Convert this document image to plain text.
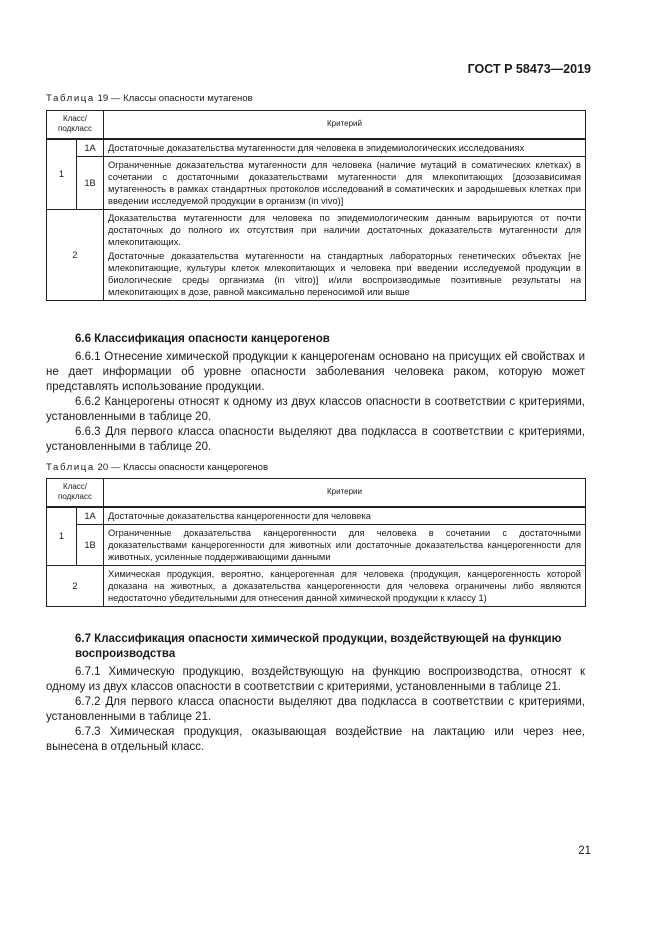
ГОСТ Р 58473—2019
Таблица 19 — Классы опасности мутагенов
Класс/ подкласс		Критерий
1	1А	Достаточные доказательства мутагенности для человека в эпидемиологических исследованиях
	1В	Ограниченные доказательства мутагенности для человека (наличие мутаций в соматических клетках) в сочетании с достаточными доказательствами мутагенности для млекопитающих [дозозависимая мутагенность в рамках стандартных протоколов исследований в соматических и зародышевых клетках при введении исследуемой продукции в организм (in vivo)]
2		Доказательства мутагенности для человека по эпидемиологическим данным варьируются от почти достаточных до полного их отсутствия при наличии достаточных доказательств мутагенности для млекопитающих.
Достаточные доказательства мутагенности на стандартных лабораторных генетических объектах [не млекопитающие, культуры клеток млекопитающих и человека при введении исследуемой продукции в биологические среды организма (in vitro)] и/или воспроизводимые позитивные результаты на млекопитающих в дозе, равной максимально переносимой или выше
6.6 Классификация опасности канцерогенов

6.6.1 Отнесение химической продукции к канцерогенам основано на присущих ей свойствах и не дает информации об уровне опасности заболевания человека раком, которую может представлять использование продукции.

6.6.2 Канцерогены относят к одному из двух классов опасности в соответствии с критериями, установленными в таблице 20.

6.6.3 Для первого класса опасности выделяют два подкласса в соответствии с критериями, установленными в таблице 20.

Таблица 20 — Классы опасности канцерогенов
Класс/ подкласс		Критерии
1	1А	Достаточные доказательства канцерогенности для человека
	1В	Ограниченные доказательства канцерогенности для человека в сочетании с достаточными доказательствами канцерогенности для животных или достаточные доказательства канцерогенности для животных, усиленные поддерживающими данными
2		Химическая продукция, вероятно, канцерогенная для человека (продукция, канцерогенность которой доказана на животных, а доказательства канцерогенности для человека ограничены либо являются недостаточно убедительными для отнесения данной химической продукции к классу 1)
6.7 Классификация опасности химической продукции, воздействующей на функцию воспроизводства

6.7.1 Химическую продукцию, воздействующую на функцию воспроизводства, относят к одному из двух классов опасности в соответствии с критериями, установленными в таблице 21.

6.7.2 Для первого класса опасности выделяют два подкласса в соответствии с критериями, установленными в таблице 21.

6.7.3 Химическая продукция, оказывающая воздействие на лактацию или через нее, вынесена в отдельный класс.

21
